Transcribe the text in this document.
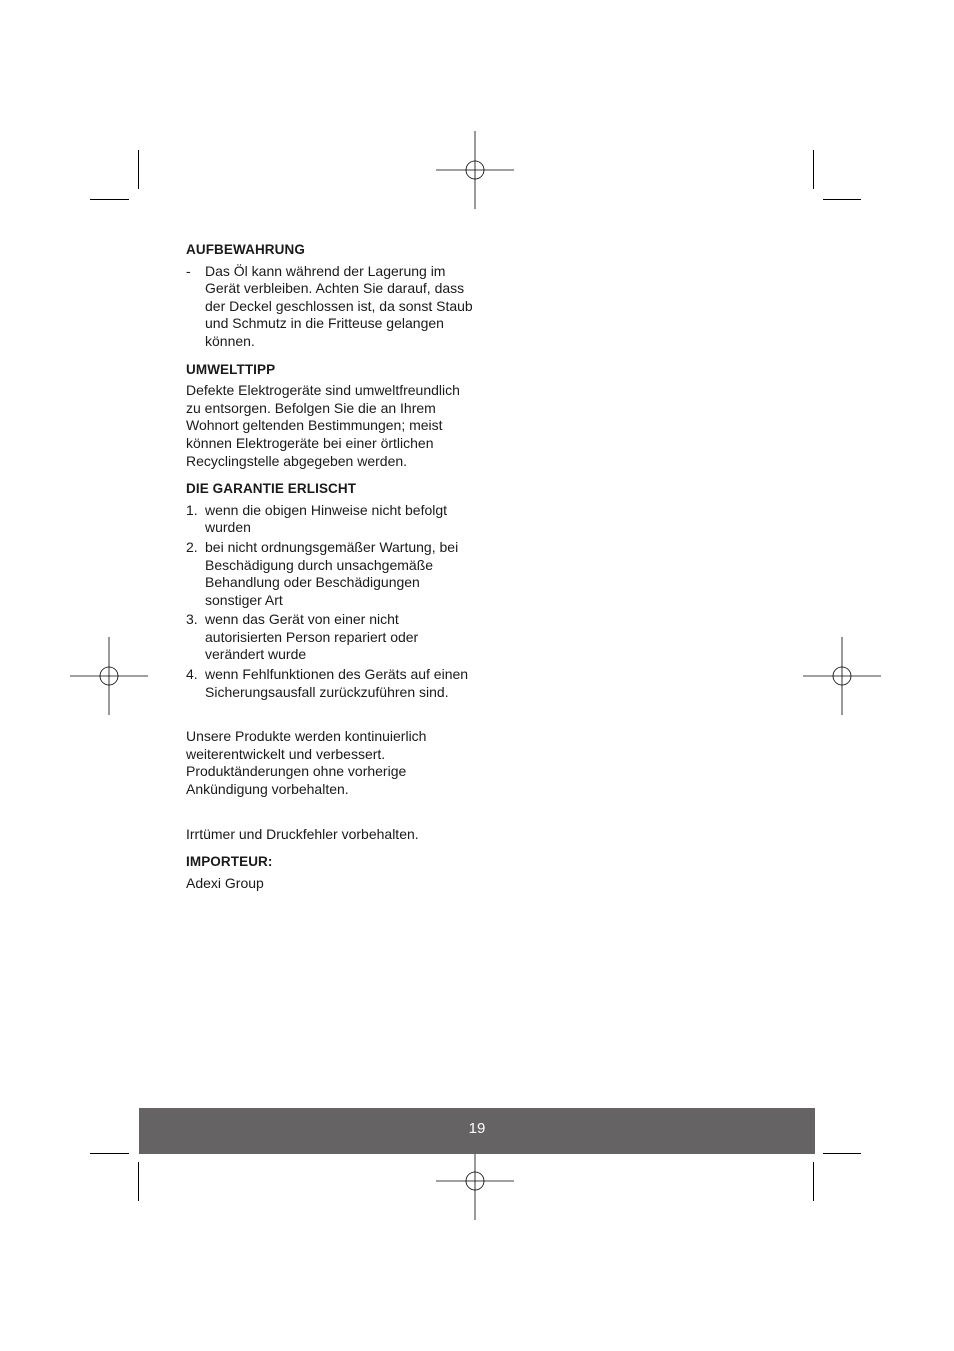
AUFBEWAHRUNG
- Das Öl kann während der Lagerung im Gerät verbleiben. Achten Sie darauf, dass der Deckel geschlossen ist, da sonst Staub und Schmutz in die Fritteuse gelangen können.
UMWELTTIPP

Defekte Elektrogeräte sind umweltfreundlich zu entsorgen. Befolgen Sie die an Ihrem Wohnort geltenden Bestimmungen; meist können Elektrogeräte bei einer örtlichen Recyclingstelle abgegeben werden.

DIE GARANTIE ERLISCHT
1. wenn die obigen Hinweise nicht befolgt wurden
2. bei nicht ordnungsgemäßer Wartung, bei Beschädigung durch unsachgemäße Behandlung oder Beschädigungen sonstiger Art
3. wenn das Gerät von einer nicht autorisierten Person repariert oder verändert wurde
4. wenn Fehlfunktionen des Geräts auf einen Sicherungsausfall zurückzuführen sind.

Unsere Produkte werden kontinuierlich weiterentwickelt und verbessert. Produktänderungen ohne vorherige Ankündigung vorbehalten.

Irrtümer und Druckfehler vorbehalten.

IMPORTEUR:

Adexi Group

19
